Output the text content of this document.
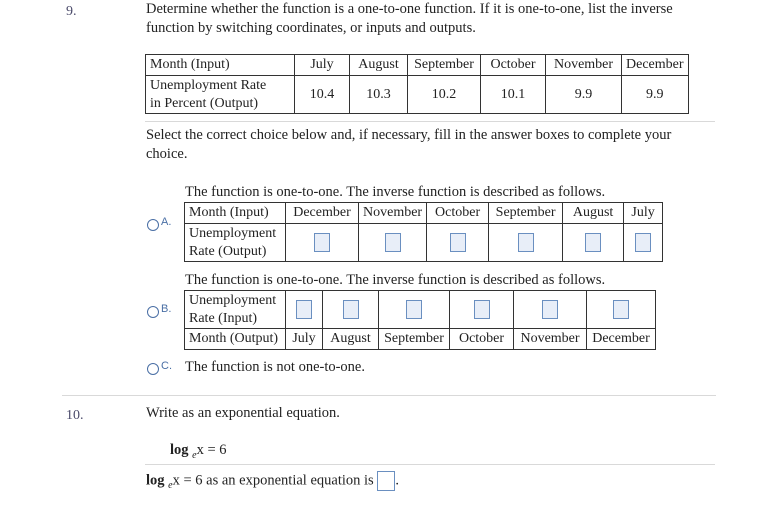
9.	Determine whether the function is a one-to-one function. If it is one-to-one, list the inverse
function by switching coordinates, or inputs and outputs.
Month (Input)	July	August	September	October	November	December

Unemployment Rate
in Percent (Output)	10.4	10.3	10.2	10.1	9.9	9.9
Select the correct choice below and, if necessary, fill in the answer boxes to complete your
choice.
The function is one-to-one. The inverse function is described as follows.
A.
Month (Input)	December	November	October	September	August	July

Unemployment
Rate (Output)						

The function is one-to-one. The inverse function is described as follows.
B.
Unemployment
Rate (Input)						

Month (Output)	July	August	September	October	November	December
C. The function is not one-to-one.
10.	Write as an exponential equation.
log $_e$x = 6
log $_e$x = 6 as an exponential equation is .
